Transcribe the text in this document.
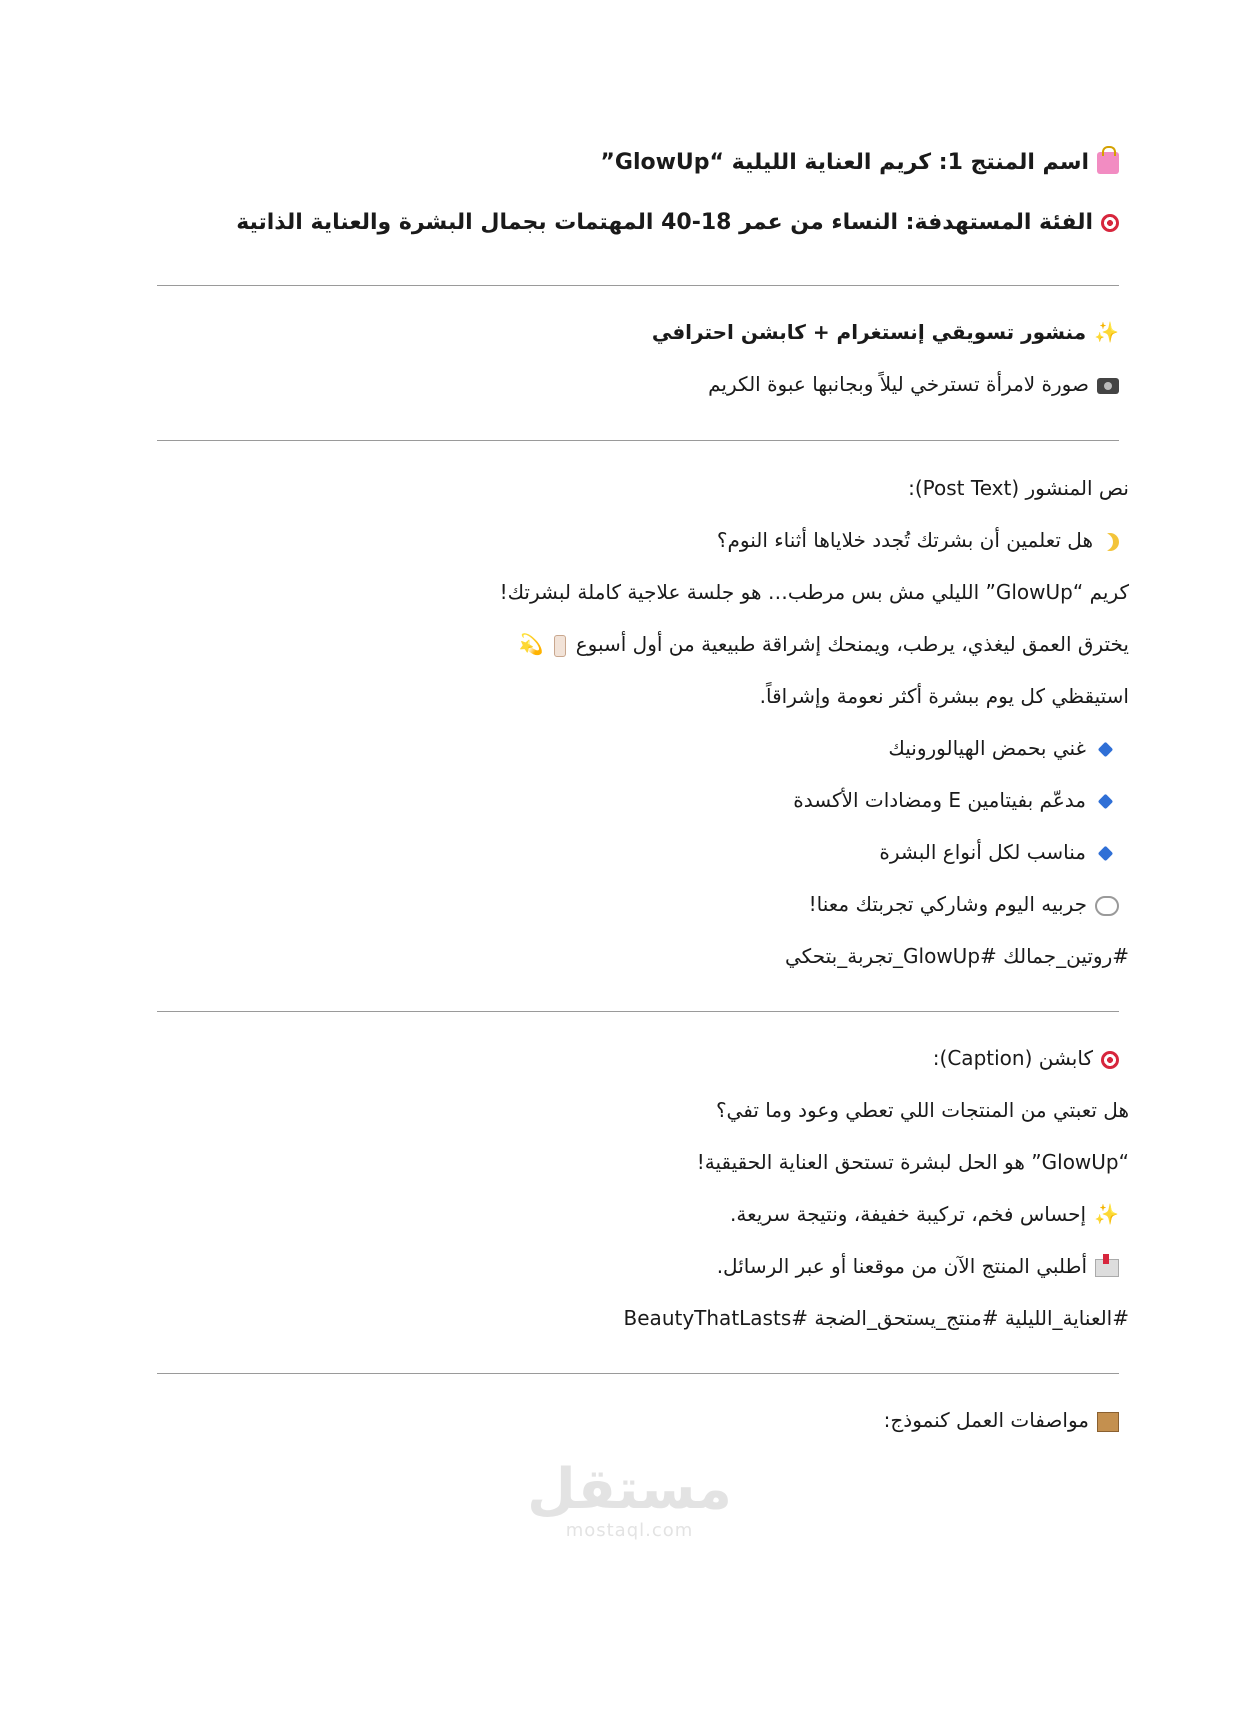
اسم المنتج 1: كريم العناية الليلية “GlowUp”
الفئة المستهدفة: النساء من عمر 18-40 المهتمات بجمال البشرة والعناية الذاتية
✨منشور تسويقي إنستغرام + كابشن احترافي
صورة لامرأة تسترخي ليلاً وبجانبها عبوة الكريم
نص المنشور (Post Text):
هل تعلمين أن بشرتك تُجدد خلاياها أثناء النوم؟
كريم “GlowUp” الليلي مش بس مرطب… هو جلسة علاجية كاملة لبشرتك!
يخترق العمق ليغذي، يرطب، ويمنحك إشراقة طبيعية من أول أسبوع💫
استيقظي كل يوم ببشرة أكثر نعومة وإشراقاً.
غني بحمض الهيالورونيك
مدعّم بفيتامين E ومضادات الأكسدة
مناسب لكل أنواع البشرة
جربيه اليوم وشاركي تجربتك معنا!
#روتين_جمالك #GlowUp_تجربة_بتحكي
كابشن (Caption):
هل تعبتي من المنتجات اللي تعطي وعود وما تفي؟
“GlowUp” هو الحل لبشرة تستحق العناية الحقيقية!
✨إحساس فخم، تركيبة خفيفة، ونتيجة سريعة.
أطلبي المنتج الآن من موقعنا أو عبر الرسائل.
#العناية_الليلية #منتج_يستحق_الضجة #BeautyThatLasts
مواصفات العمل كنموذج:
مستقل
mostaql.com
